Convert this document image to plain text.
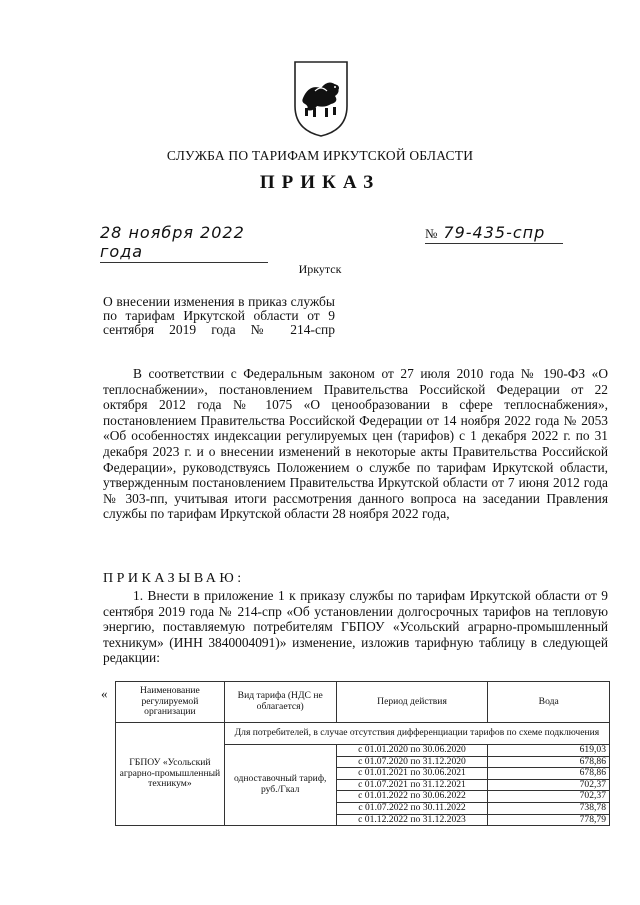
СЛУЖБА ПО ТАРИФАМ ИРКУТСКОЙ ОБЛАСТИ
ПРИКАЗ
28 ноября 2022 года
№ 79-435-спр
Иркутск
О внесении изменения в приказ службы по тарифам Иркутской области от 9 сентября 2019 года № 214-спр
В соответствии с Федеральным законом от 27 июля 2010 года № 190-ФЗ «О теплоснабжении», постановлением Правительства Российской Федерации от 22 октября 2012 года № 1075 «О ценообразовании в сфере теплоснабжения», постановлением Правительства Российской Федерации от 14 ноября 2022 года № 2053 «Об особенностях индексации регулируемых цен (тарифов) с 1 декабря 2022 г. по 31 декабря 2023 г. и о внесении изменений в некоторые акты Правительства Российской Федерации», руководствуясь Положением о службе по тарифам Иркутской области, утвержденным постановлением Правительства Иркутской области от 7 июня 2012 года № 303-пп, учитывая итоги рассмотрения данного вопроса на заседании Правления службы по тарифам Иркутской области 28 ноября 2022 года,
ПРИКАЗЫВАЮ:
1. Внести в приложение 1 к приказу службы по тарифам Иркутской области от 9 сентября 2019 года № 214-спр «Об установлении долгосрочных тарифов на тепловую энергию, поставляемую потребителям ГБПОУ «Усольский аграрно-промышленный техникум» (ИНН 3840004091)» изменение, изложив тарифную таблицу в следующей редакции:
«	Наименование регулируемой организации	Вид тарифа (НДС не облагается)	Период действия	Вода
ГБПОУ «Усольский аграрно-промышленный техникум»	Для потребителей, в случае отсутствия дифференциации тарифов по схеме подключения		
	одноставочный тариф, руб./Гкал	с 01.01.2020 по 30.06.2020	619,03
		с 01.07.2020 по 31.12.2020	678,86
		с 01.01.2021 по 30.06.2021	678,86
		с 01.07.2021 по 31.12.2021	702,37
		с 01.01.2022 по 30.06.2022	702,37
		с 01.07.2022 по 30.11.2022	738,78
		с 01.12.2022 по 31.12.2023	778,79
